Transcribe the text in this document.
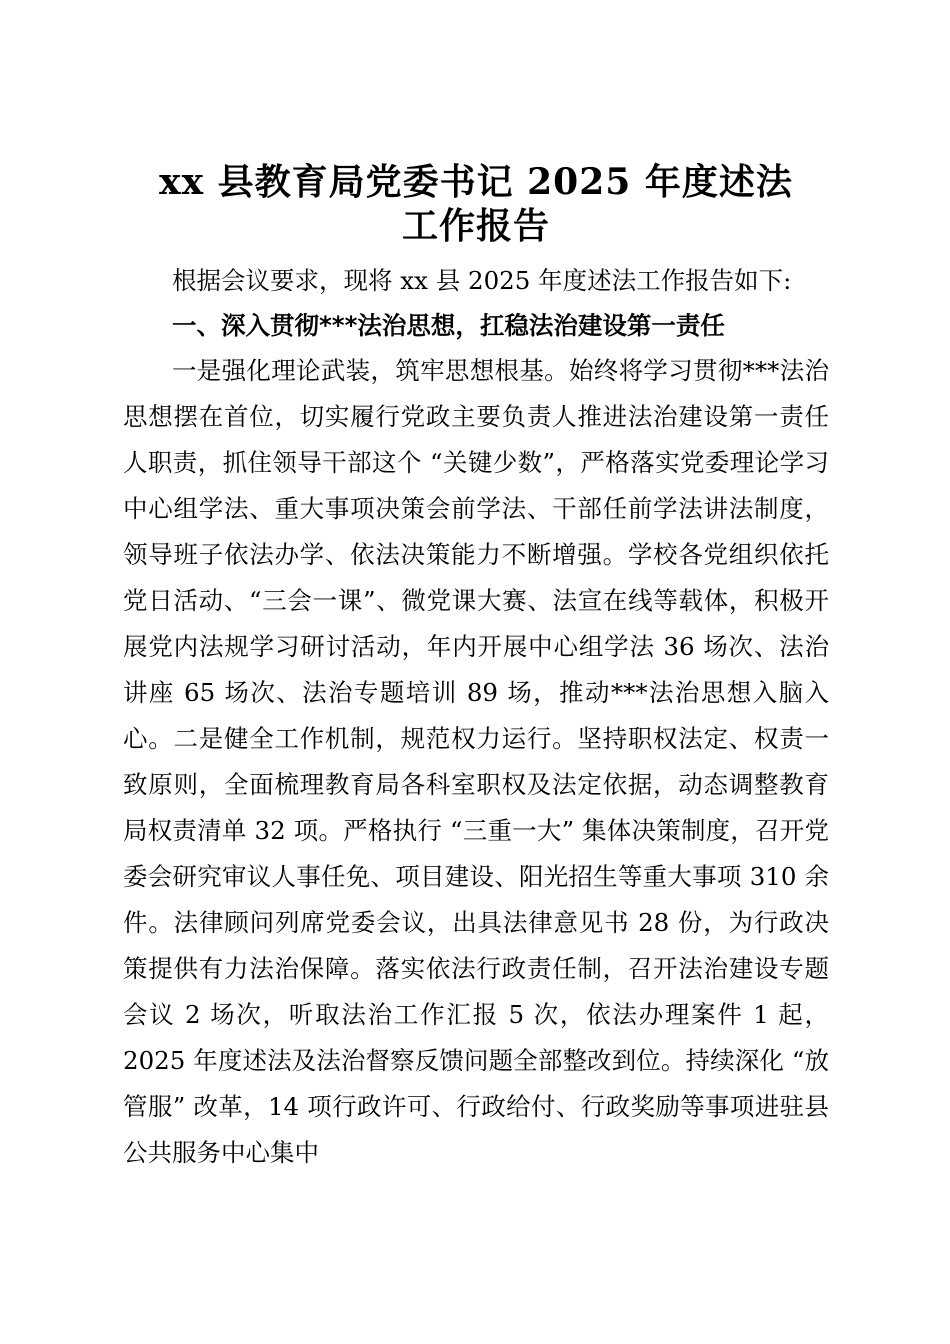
xx 县教育局党委书记 2025 年度述法
工作报告

根据会议要求，现将 xx 县 2025 年度述法工作报告如下:

一、深入贯彻***法治思想，扛稳法治建设第一责任

一是强化理论武装，筑牢思想根基。始终将学习贯彻***法治思想摆在首位，切实履行党政主要负责人推进法治建设第一责任人职责，抓住领导干部这个 “关键少数”，严格落实党委理论学习中心组学法、重大事项决策会前学法、干部任前学法讲法制度，领导班子依法办学、依法决策能力不断增强。学校各党组织依托党日活动、“三会一课”、微党课大赛、法宣在线等载体，积极开展党内法规学习研讨活动，年内开展中心组学法 36 场次、法治讲座 65 场次、法治专题培训 89 场，推动***法治思想入脑入心。二是健全工作机制，规范权力运行。坚持职权法定、权责一致原则，全面梳理教育局各科室职权及法定依据，动态调整教育局权责清单 32 项。严格执行 “三重一大” 集体决策制度，召开党委会研究审议人事任免、项目建设、阳光招生等重大事项 310 余件。法律顾问列席党委会议，出具法律意见书 28 份，为行政决策提供有力法治保障。落实依法行政责任制，召开法治建设专题会议 2 场次，听取法治工作汇报 5 次，依法办理案件 1 起，2025 年度述法及法治督察反馈问题全部整改到位。持续深化 “放管服” 改革，14 项行政许可、行政给付、行政奖励等事项进驻县公共服务中心集中
